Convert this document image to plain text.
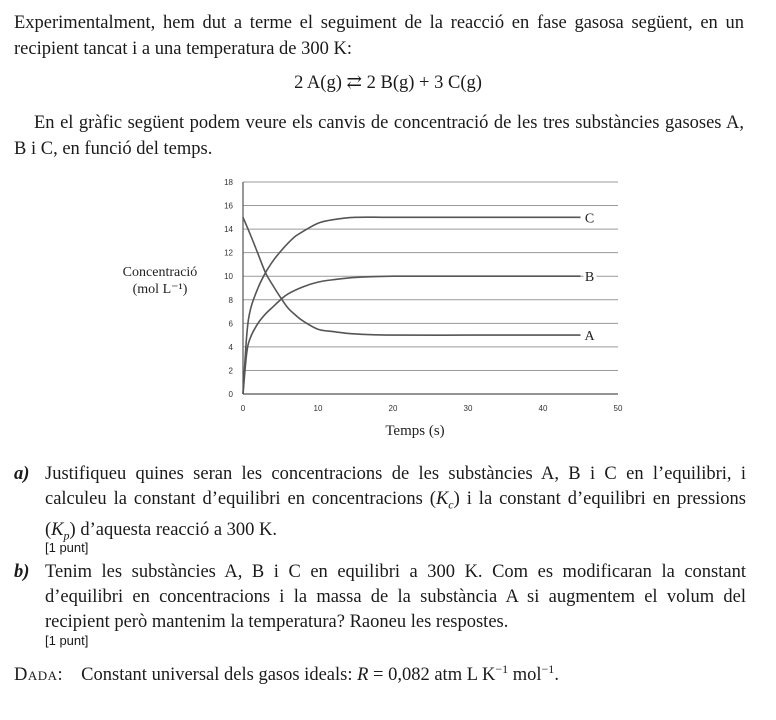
Experimentalment, hem dut a terme el seguiment de la reacció en fase gasosa següent, en un recipient tancat i a una temperatura de 300 K:
2 A(g) ⇄ 2 B(g) + 3 C(g)
En el gràfic següent podem veure els canvis de concentració de les tres substàncies gasoses A, B i C, en funció del temps.
0
2
4
6
8
10
12
14
16
18
0	10	20	30	40	50
A
B
C
Concentració
(mol L⁻¹)
Temps (s)
a) Justifiqueu quines seran les concentracions de les substàncies A, B i C en l’equilibri, i calculeu la constant d’equilibri en concentracions $(K_c)$ i la constant d’equilibri en pressions $(K_p)$ d’aquesta reacció a 300 K.
[1 punt]
b) Tenim les substàncies A, B i C en equilibri a 300 K. Com es modificaran la constant d’equilibri en concentracions i la massa de la substància A si augmentem el volum del recipient però mantenim la temperatura? Raoneu les respostes.
[1 punt]
Dada: Constant universal dels gasos ideals: R = 0,082 atm L $K^{-1}$ mol$^{-1}$.
